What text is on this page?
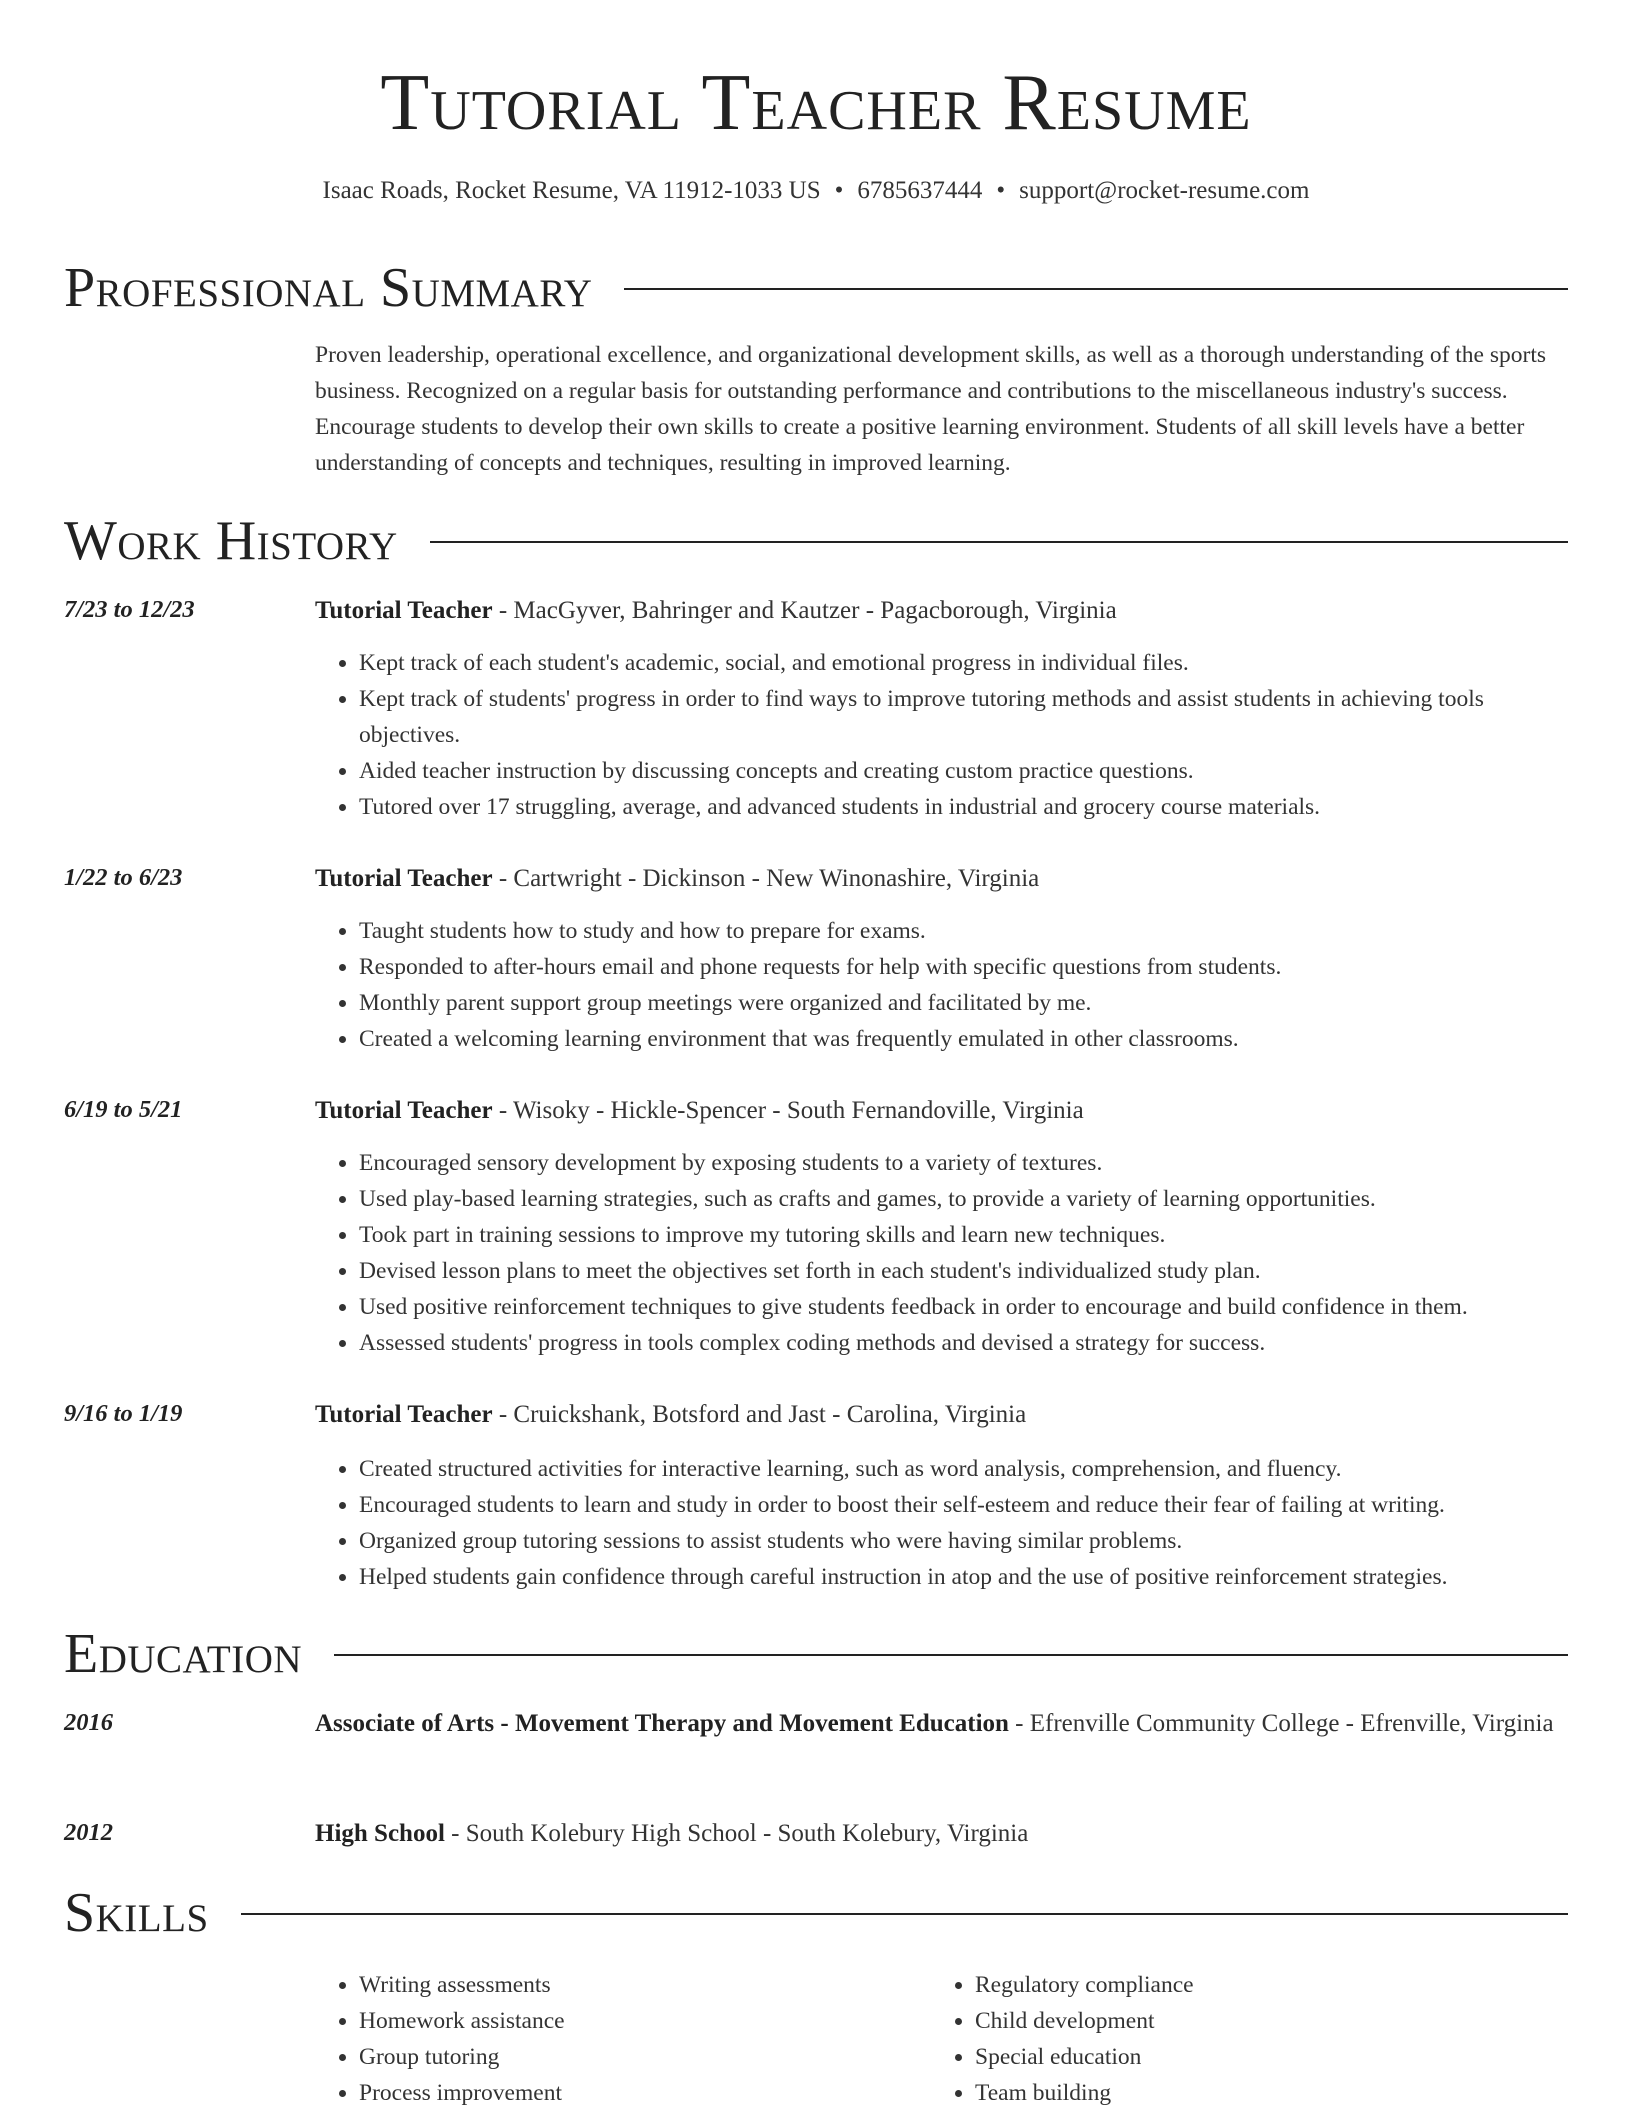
Tutorial Teacher Resume
Isaac Roads, Rocket Resume, VA 11912-1033 US • 6785637444 • support@rocket-resume.com
Professional Summary

Proven leadership, operational excellence, and organizational development skills, as well as a thorough understanding of the sports business. Recognized on a regular basis for outstanding performance and contributions to the miscellaneous industry's success. Encourage students to develop their own skills to create a positive learning environment. Students of all skill levels have a better understanding of concepts and techniques, resulting in improved learning.

Work History
7/23 to 12/23	Tutorial Teacher - MacGyver, Bahringer and Kautzer - Pagacborough, Virginia
• Kept track of each student's academic, social, and emotional progress in individual files.
• Kept track of students' progress in order to find ways to improve tutoring methods and assist students in achieving tools objectives.
• Aided teacher instruction by discussing concepts and creating custom practice questions.
• Tutored over 17 struggling, average, and advanced students in industrial and grocery course materials.
1/22 to 6/23	Tutorial Teacher - Cartwright - Dickinson - New Winonashire, Virginia
• Taught students how to study and how to prepare for exams.
• Responded to after-hours email and phone requests for help with specific questions from students.
• Monthly parent support group meetings were organized and facilitated by me.
• Created a welcoming learning environment that was frequently emulated in other classrooms.
6/19 to 5/21	Tutorial Teacher - Wisoky - Hickle-Spencer - South Fernandoville, Virginia
• Encouraged sensory development by exposing students to a variety of textures.
• Used play-based learning strategies, such as crafts and games, to provide a variety of learning opportunities.
• Took part in training sessions to improve my tutoring skills and learn new techniques.
• Devised lesson plans to meet the objectives set forth in each student's individualized study plan.
• Used positive reinforcement techniques to give students feedback in order to encourage and build confidence in them.
• Assessed students' progress in tools complex coding methods and devised a strategy for success.
9/16 to 1/19	Tutorial Teacher - Cruickshank, Botsford and Jast - Carolina, Virginia
• Created structured activities for interactive learning, such as word analysis, comprehension, and fluency.
• Encouraged students to learn and study in order to boost their self-esteem and reduce their fear of failing at writing.
• Organized group tutoring sessions to assist students who were having similar problems.
• Helped students gain confidence through careful instruction in atop and the use of positive reinforcement strategies.
Education
2016	Associate of Arts - Movement Therapy and Movement Education - Efrenville Community College - Efrenville, Virginia
2012	High School - South Kolebury High School - South Kolebury, Virginia
Skills
• Writing assessments
• Homework assistance
• Group tutoring
• Process improvement
• Regulatory compliance
• Child development
• Special education
• Team building
